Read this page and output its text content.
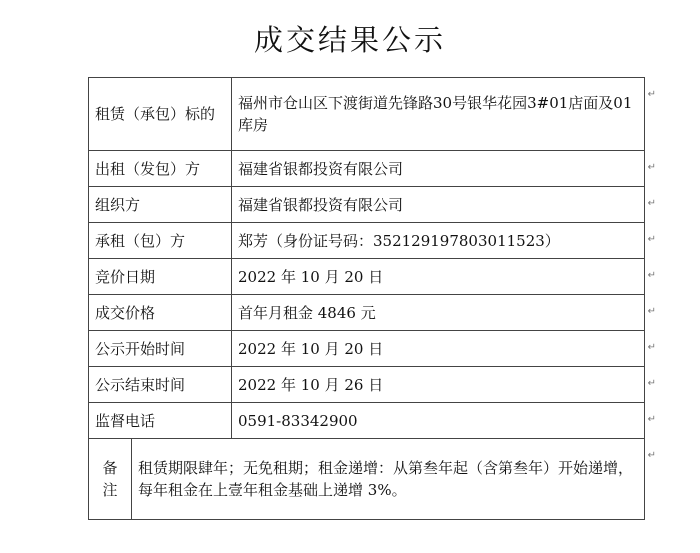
成交结果公示
租赁（承包）标的	福州市仓山区下渡街道先锋路30号银华花园3#01店面及01库房
↵

出租（发包）方	福建省银都投资有限公司	↵

组织方	福建省银都投资有限公司	↵

承租（包）方	郑芳（身份证号码：352129197803011523）	↵

竞价日期	2022 年 10 月 20 日	↵

成交价格	首年月租金 4846 元	↵

公示开始时间	2022 年 10 月 20 日	↵

公示结束时间	2022 年 10 月 26 日	↵

监督电话	0591-83342900	↵

备
注
	租赁期限肆年；无免租期；租金递增：从第叁年起（含第叁年）开始递增，每年租金在上壹年租金基础上递增 3%。
↵
